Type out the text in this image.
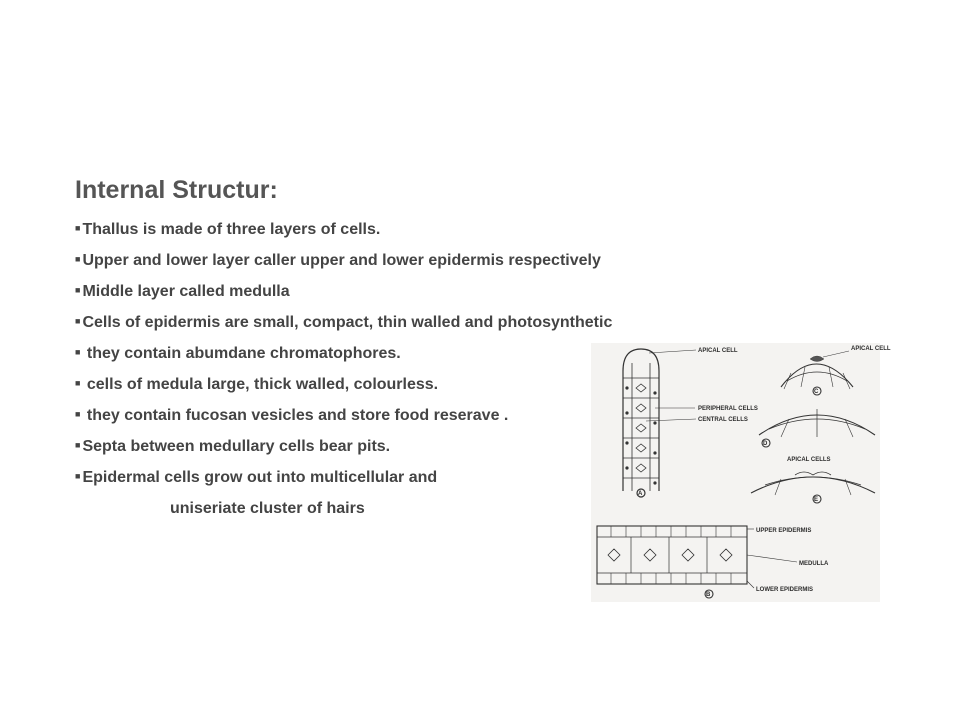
Internal Structur:
■ Thallus is made of three layers of cells.
■ Upper and lower layer caller upper and lower epidermis respectively
■ Middle layer called medulla
■ Cells of epidermis are small, compact, thin walled and photosynthetic
■ they contain abumdane chromatophores.
■ cells of medula large, thick walled, colourless.
■ they contain fucosan vesicles and store food reserave .
■ Septa between medullary cells bear pits.
■ Epidermal cells grow out into multicellular and
uniseriate cluster of hairs
APICAL CELL
PERIPHERAL CELLS
CENTRAL CELLS
A
APICAL CELL
C
D
APICAL CELLS
E
UPPER EPIDERMIS
MEDULLA
LOWER EPIDERMIS
B
